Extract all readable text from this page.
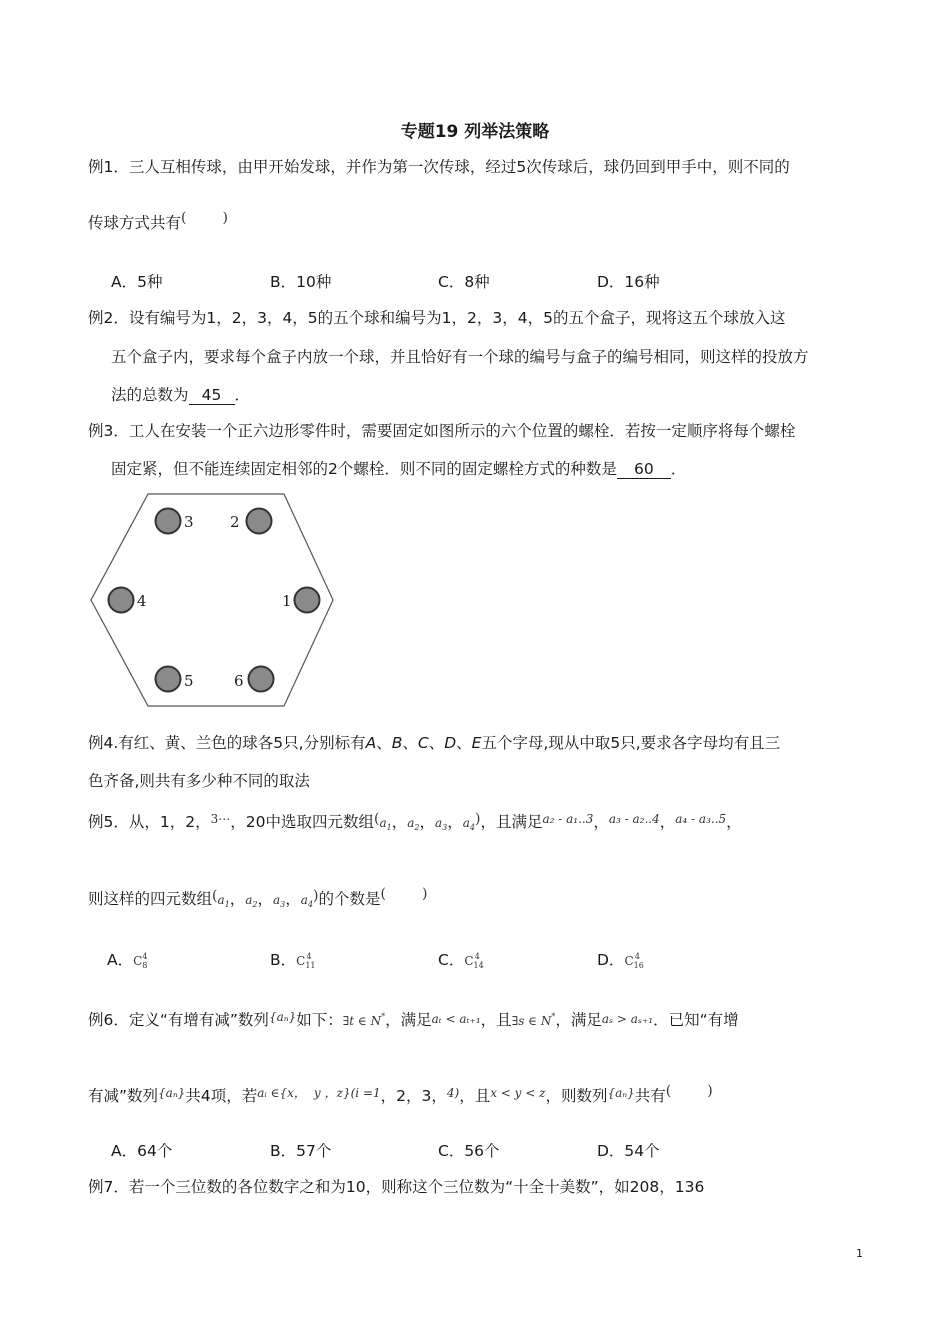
专题19 列举法策略
例1．三人互相传球，由甲开始发球，并作为第一次传球，经过5次传球后，球仍回到甲手中，则不同的
传球方式共有(	)
A．5种	B．10种	C．8种	D．16种
例2．设有编号为1，2，3，4，5的五个球和编号为1，2，3，4，5的五个盒子，现将这五个球放入这
五个盒子内，要求每个盒子内放一个球，并且恰好有一个球的编号与盒子的编号相同，则这样的投放方
法的总数为 45 ．
例3．工人在安装一个正六边形零件时，需要固定如图所示的六个位置的螺栓．若按一定顺序将每个螺栓
固定紧，但不能连续固定相邻的2个螺栓．则不同的固定螺栓方式的种数是 60 ．
1
2
3
4
5	6
例4.有红、黄、兰色的球各5只,分别标有A、B、C、D、E五个字母,现从中取5只,要求各字母均有且三
色齐备,则共有多少种不同的取法
例5．从，1，2，$^{3\cdots}$，20中选取四元数组($a_1$，$a_2$，$a_3$，$a_4$)，且满足$^{a_2 - a_1..3}$，$^{a_3 - a_2..4}$，$^{a_4 - a_3..5}$，
则这样的四元数组($a_1$，$a_2$，$a_3$，$a_4$)的个数是(	)
A．$C_8^4$	B．$C_{11}^4$	C．$C_{14}^4$	D．$C_{16}^4$
例6．定义“有增有减”数列$^{\{a_n\}}$如下：∃t ∈ N*，满足aₜ < aₜ₊₁，且∃s ∈ N*，满足aₛ > aₛ₊₁．已知“有增
有减”数列$^{\{a_n\}}$共4项，若$^{aᵢ \in\{x, y ,z\}(i =1}$，2，3，$^{4)}$，且$^{x < y < z}$，则数列$^{\{a_n\}}$共有(	)
A．64个	B．57个	C．56个	D．54个
例7．若一个三位数的各位数字之和为10，则称这个三位数为“十全十美数”，如208，136
1
